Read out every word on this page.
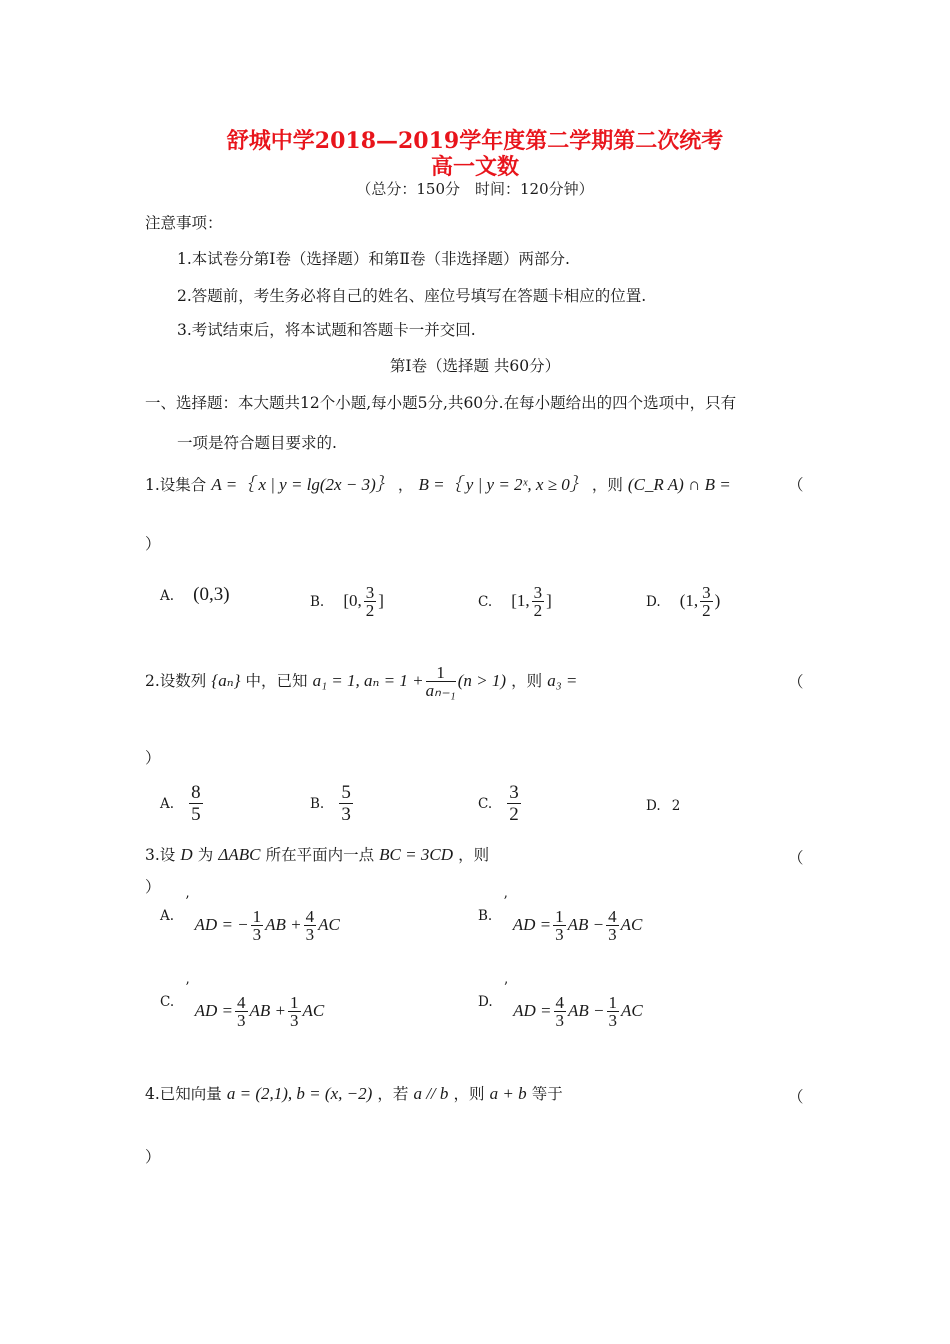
舒城中学2018—2019学年度第二学期第二次统考
高一文数
（总分：150分　时间：120分钟）
注意事项：
1.本试卷分第Ⅰ卷（选择题）和第Ⅱ卷（非选择题）两部分.
2.答题前，考生务必将自己的姓名、座位号填写在答题卡相应的位置.
3.考试结束后，将本试题和答题卡一并交回.
第Ⅰ卷（选择题 共60分）
一、选择题：本大题共12个小题,每小题5分,共60分.在每小题给出的四个选项中，只有
一项是符合题目要求的.
1.设集合 A =｛ x | y = lg(2x − 3)｝ ， B =｛ y | y = 2ˣ, x ≥ 0｝ ，则 (C_R A) ∩ B =	（
）
A. (0,3)	B. [0, $\frac{3}{2}$ ]	C. [1, $\frac{3}{2}$ ]	D. (1, $\frac{3}{2}$ )
2.设数列 {aₙ} 中，已知 a₁ = 1, $a_n = 1 + \frac{1}{\text{aₙ₋₁}} (n > 1)$ ，则 a₃ =	（
）
A. $\frac{8}{5}$	B. $\frac{5}{3}$	C. $\frac{3}{2}$	D. 2
3.设 D 为 ΔABC 所在平面内一点 BC = 3CD ，则	（
）
$^{A.}$ ’ AD = − $\frac{1}{3}$ AB + $\frac{4}{3}$ AC	$^{B.}$ ’ AD = $\frac{1}{3}$ AB − $\frac{4}{3}$ AC
$^{C.}$ ’ AD = $\frac{4}{3}$ AB + $\frac{1}{3}$ AC	$^{D.}$ ’ AD = $\frac{4}{3}$ AB − $\frac{1}{3}$ AC
4.已知向量 a = (2,1), b = (x, −2) ，若 a // b ，则 a + b 等于	（
）
